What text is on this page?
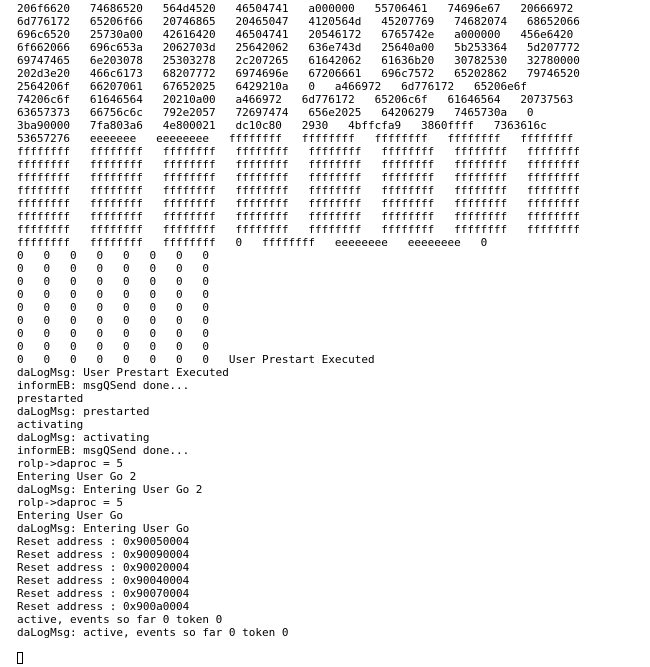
206f6620   74686520   564d4520   46504741   a000000   55706461   74696e67   20666972
6d776172   65206f66   20746865   20465047   4120564d   45207769   74682074   68652066
696c6520   25730a00   42616420   46504741   20546172   6765742e   a000000   456e6420
6f662066   696c653a   2062703d   25642062   636e743d   25640a00   5b253364   5d207772
69747465   6e203078   25303278   2c207265   61642062   61636b20   30782530   32780000
202d3e20   466c6173   68207772   6974696e   67206661   696c7572   65202862   79746520
2564206f   66207061   67652025   6429210a   0   a466972   6d776172   65206e6f
74206c6f   61646564   20210a00   a466972   6d776172   65206c6f   61646564   20737563
63657373   66756c6c   792e2057   72697474   656e2025   64206279   7465730a   0
3ba90000   7fa803a6   4e800021   dc10c80   2930   4bffcfa9   3860ffff   7363616c
53657276   eeeeeee   eeeeeeee   ffffffff   ffffffff   ffffffff   ffffffff   ffffffff
ffffffff   ffffffff   ffffffff   ffffffff   ffffffff   ffffffff   ffffffff   ffffffff
ffffffff   ffffffff   ffffffff   ffffffff   ffffffff   ffffffff   ffffffff   ffffffff
ffffffff   ffffffff   ffffffff   ffffffff   ffffffff   ffffffff   ffffffff   ffffffff
ffffffff   ffffffff   ffffffff   ffffffff   ffffffff   ffffffff   ffffffff   ffffffff
ffffffff   ffffffff   ffffffff   ffffffff   ffffffff   ffffffff   ffffffff   ffffffff
ffffffff   ffffffff   ffffffff   ffffffff   ffffffff   ffffffff   ffffffff   ffffffff
ffffffff   ffffffff   ffffffff   ffffffff   ffffffff   ffffffff   ffffffff   ffffffff
ffffffff   ffffffff   ffffffff   0   ffffffff   eeeeeeee   eeeeeeee   0
0   0   0   0   0   0   0   0
0   0   0   0   0   0   0   0
0   0   0   0   0   0   0   0
0   0   0   0   0   0   0   0
0   0   0   0   0   0   0   0
0   0   0   0   0   0   0   0
0   0   0   0   0   0   0   0
0   0   0   0   0   0   0   0
0   0   0   0   0   0   0   0   User Prestart Executed
daLogMsg: User Prestart Executed
informEB: msgQSend done...
prestarted
daLogMsg: prestarted
activating
daLogMsg: activating
informEB: msgQSend done...
rolp->daproc = 5
Entering User Go 2
daLogMsg: Entering User Go 2
rolp->daproc = 5
Entering User Go
daLogMsg: Entering User Go
Reset address : 0x90050004
Reset address : 0x90090004
Reset address : 0x90020004
Reset address : 0x90040004
Reset address : 0x90070004
Reset address : 0x900a0004
active, events so far 0 token 0
daLogMsg: active, events so far 0 token 0
